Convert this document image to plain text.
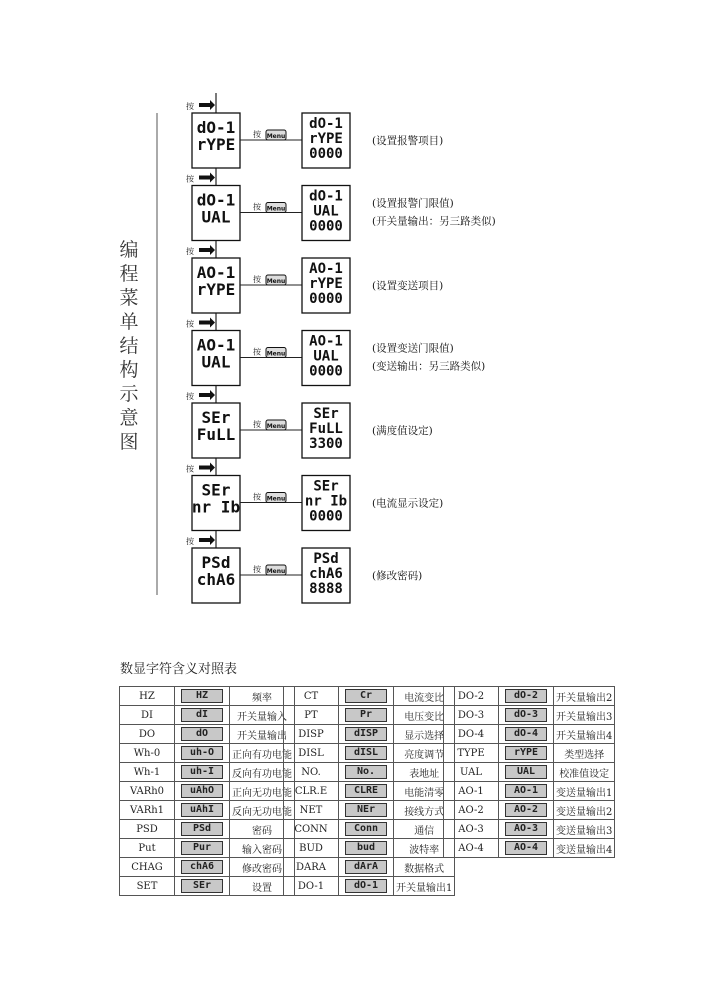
按
dO-1
rYPE
按 Menu
dO-1
rYPE
0000
(设置报警项目)
按
dO-1
UAL
按 Menu
dO-1
UAL
0000
(设置报警门限值)
(开关量输出：另三路类似)
按
AO-1
rYPE
按 Menu
AO-1
rYPE
0000
(设置变送项目)
按
AO-1
UAL
按 Menu
AO-1
UAL
0000
(设置变送门限值)
(变送输出：另三路类似)
按
SEr
FuLL
按 Menu
SEr
FuLL
3300
(满度值设定)
按
SEr
nr Ib
按 Menu
SEr
nr Ib
0000
(电流显示设定)
按
PSd
chA6
按 Menu
PSd
chA6
8888
(修改密码)
编程菜单结构示意图
数显字符含义对照表
HZ	HZ	频率
DI	dI	开关量输入
DO	dO	开关量输出
Wh-0	uh-O	正向有功电能
Wh-1	uh-I	反向有功电能
VARh0	uAhO	正向无功电能
VARh1	uAhI	反向无功电能
PSD	PSd	密码
Put	Pur	输入密码
CHAG	chA6	修改密码
SET	SEr	设置
CT	Cr	电流变比
PT	Pr	电压变比
DISP	dISP	显示选择
DISL	dISL	亮度调节
NO.	No.	表地址
CLR.E	CLRE	电能清零
NET	NEr	接线方式
CONN	Conn	通信
BUD	bud	波特率
DARA	dArA	数据格式
DO-1	dO-1	开关量输出1
DO-2	dO-2	开关量输出2
DO-3	dO-3	开关量输出3
DO-4	dO-4	开关量输出4
TYPE	rYPE	类型选择
UAL	UAL	校准值设定
AO-1	AO-1	变送量输出1
AO-2	AO-2	变送量输出2
AO-3	AO-3	变送量输出3
AO-4	AO-4	变送量输出4
